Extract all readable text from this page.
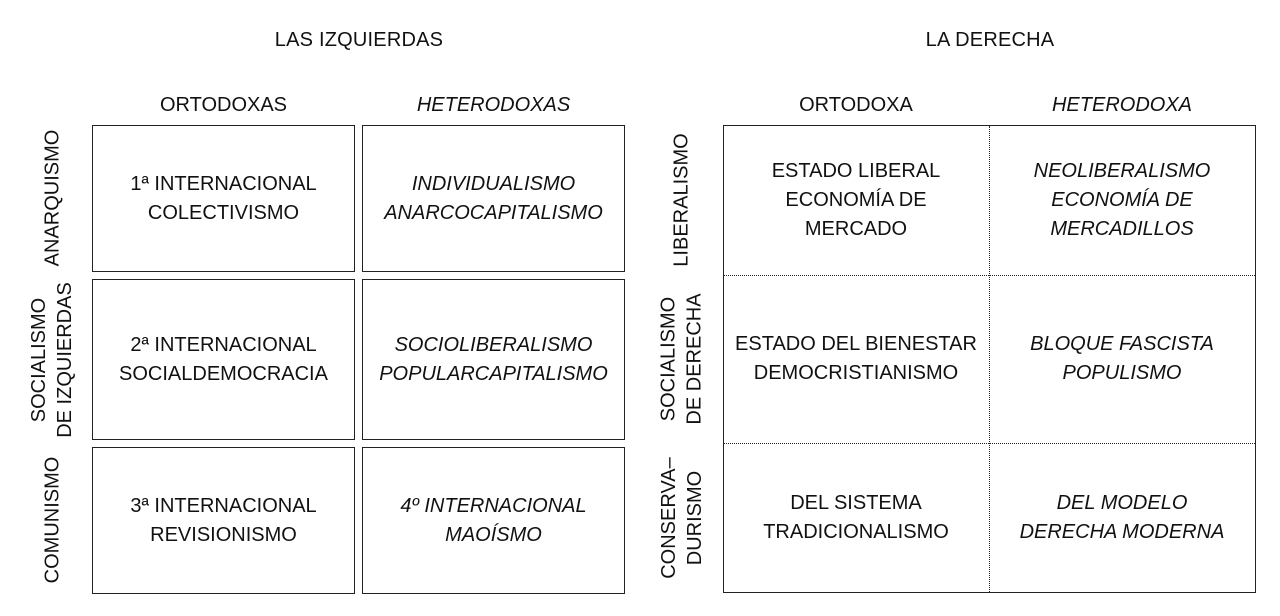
LAS IZQUIERDAS
ORTODOXAS	HETERODOXAS
ANARQUISMO
SOCIALISMO DE IZQUIERDAS
COMUNISMO
1ª INTERNACIONAL
COLECTIVISMO
INDIVIDUALISMO
ANARCOCAPITALISMO
2ª INTERNACIONAL
SOCIALDEMOCRACIA
SOCIOLIBERALISMO
POPULARCAPITALISMO
3ª INTERNACIONAL
REVISIONISMO
4º INTERNACIONAL
MAOÍSMO
LA DERECHA
ORTODOXA	HETERODOXA
LIBERALISMO
SOCIALISMO DE DERECHA
CONSERVA– DURISMO
ESTADO LIBERAL
ECONOMÍA DE
MERCADO
NEOLIBERALISMO
ECONOMÍA DE
MERCADILLOS
ESTADO DEL BIENESTAR
DEMOCRISTIANISMO
BLOQUE FASCISTA
POPULISMO
DEL SISTEMA
TRADICIONALISMO
DEL MODELO
DERECHA MODERNA
